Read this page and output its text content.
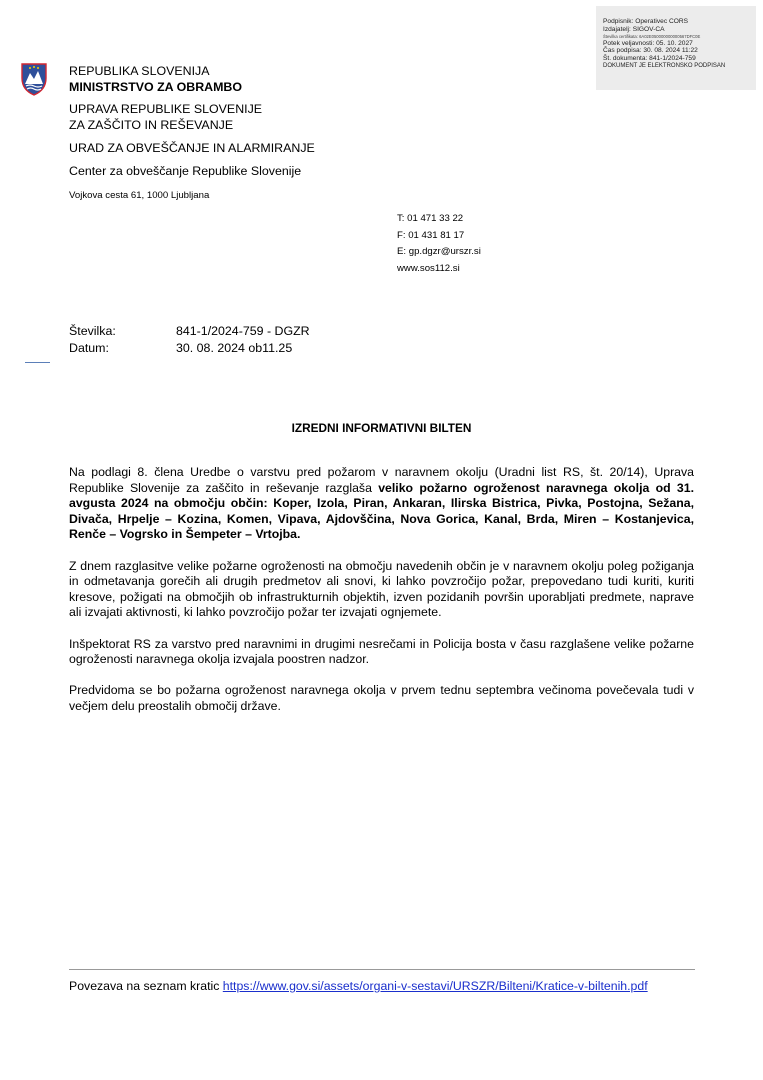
Podpisnik: Operativec CORS
Izdajatelj: SIGOV-CA
Številka certifikata: 6A02E050000000000567DFC0E
Potek veljavnosti: 05. 10. 2027
Čas podpisa: 30. 08. 2024 11:22
Št. dokumenta: 841-1/2024-759
DOKUMENT JE ELEKTRONSKO PODPISAN
REPUBLIKA SLOVENIJA
MINISTRSTVO ZA OBRAMBO
UPRAVA REPUBLIKE SLOVENIJE
ZA ZAŠČITO IN REŠEVANJE
URAD ZA OBVEŠČANJE IN ALARMIRANJE
Center za obveščanje Republike Slovenije
Vojkova cesta 61, 1000 Ljubljana
T: 01 471 33 22
F: 01 431 81 17
E: gp.dgzr@urszr.si
www.sos112.si
Številka:	841-1/2024-759 - DGZR
Datum:	30. 08. 2024 ob11.25
IZREDNI INFORMATIVNI BILTEN

Na podlagi 8. člena Uredbe o varstvu pred požarom v naravnem okolju (Uradni list RS, št. 20/14), Uprava Republike Slovenije za zaščito in reševanje razglaša veliko požarno ogroženost naravnega okolja od 31. avgusta 2024 na območju občin: Koper, Izola, Piran, Ankaran, Ilirska Bistrica, Pivka, Postojna, Sežana, Divača, Hrpelje – Kozina, Komen, Vipava, Ajdovščina, Nova Gorica, Kanal, Brda, Miren – Kostanjevica, Renče – Vogrsko in Šempeter – Vrtojba.

Z dnem razglasitve velike požarne ogroženosti na območju navedenih občin je v naravnem okolju poleg požiganja in odmetavanja gorečih ali drugih predmetov ali snovi, ki lahko povzročijo požar, prepovedano tudi kuriti, kuriti kresove, požigati na območjih ob infrastrukturnih objektih, izven pozidanih površin uporabljati predmete, naprave ali izvajati aktivnosti, ki lahko povzročijo požar ter izvajati ognjemete.

Inšpektorat RS za varstvo pred naravnimi in drugimi nesrečami in Policija bosta v času razglašene velike požarne ogroženosti naravnega okolja izvajala poostren nadzor.

Predvidoma se bo požarna ogroženost naravnega okolja v prvem tednu septembra večinoma povečevala tudi v večjem delu preostalih območij države.

Povezava na seznam kratic https://www.gov.si/assets/organi-v-sestavi/URSZR/Bilteni/Kratice-v-biltenih.pdf
